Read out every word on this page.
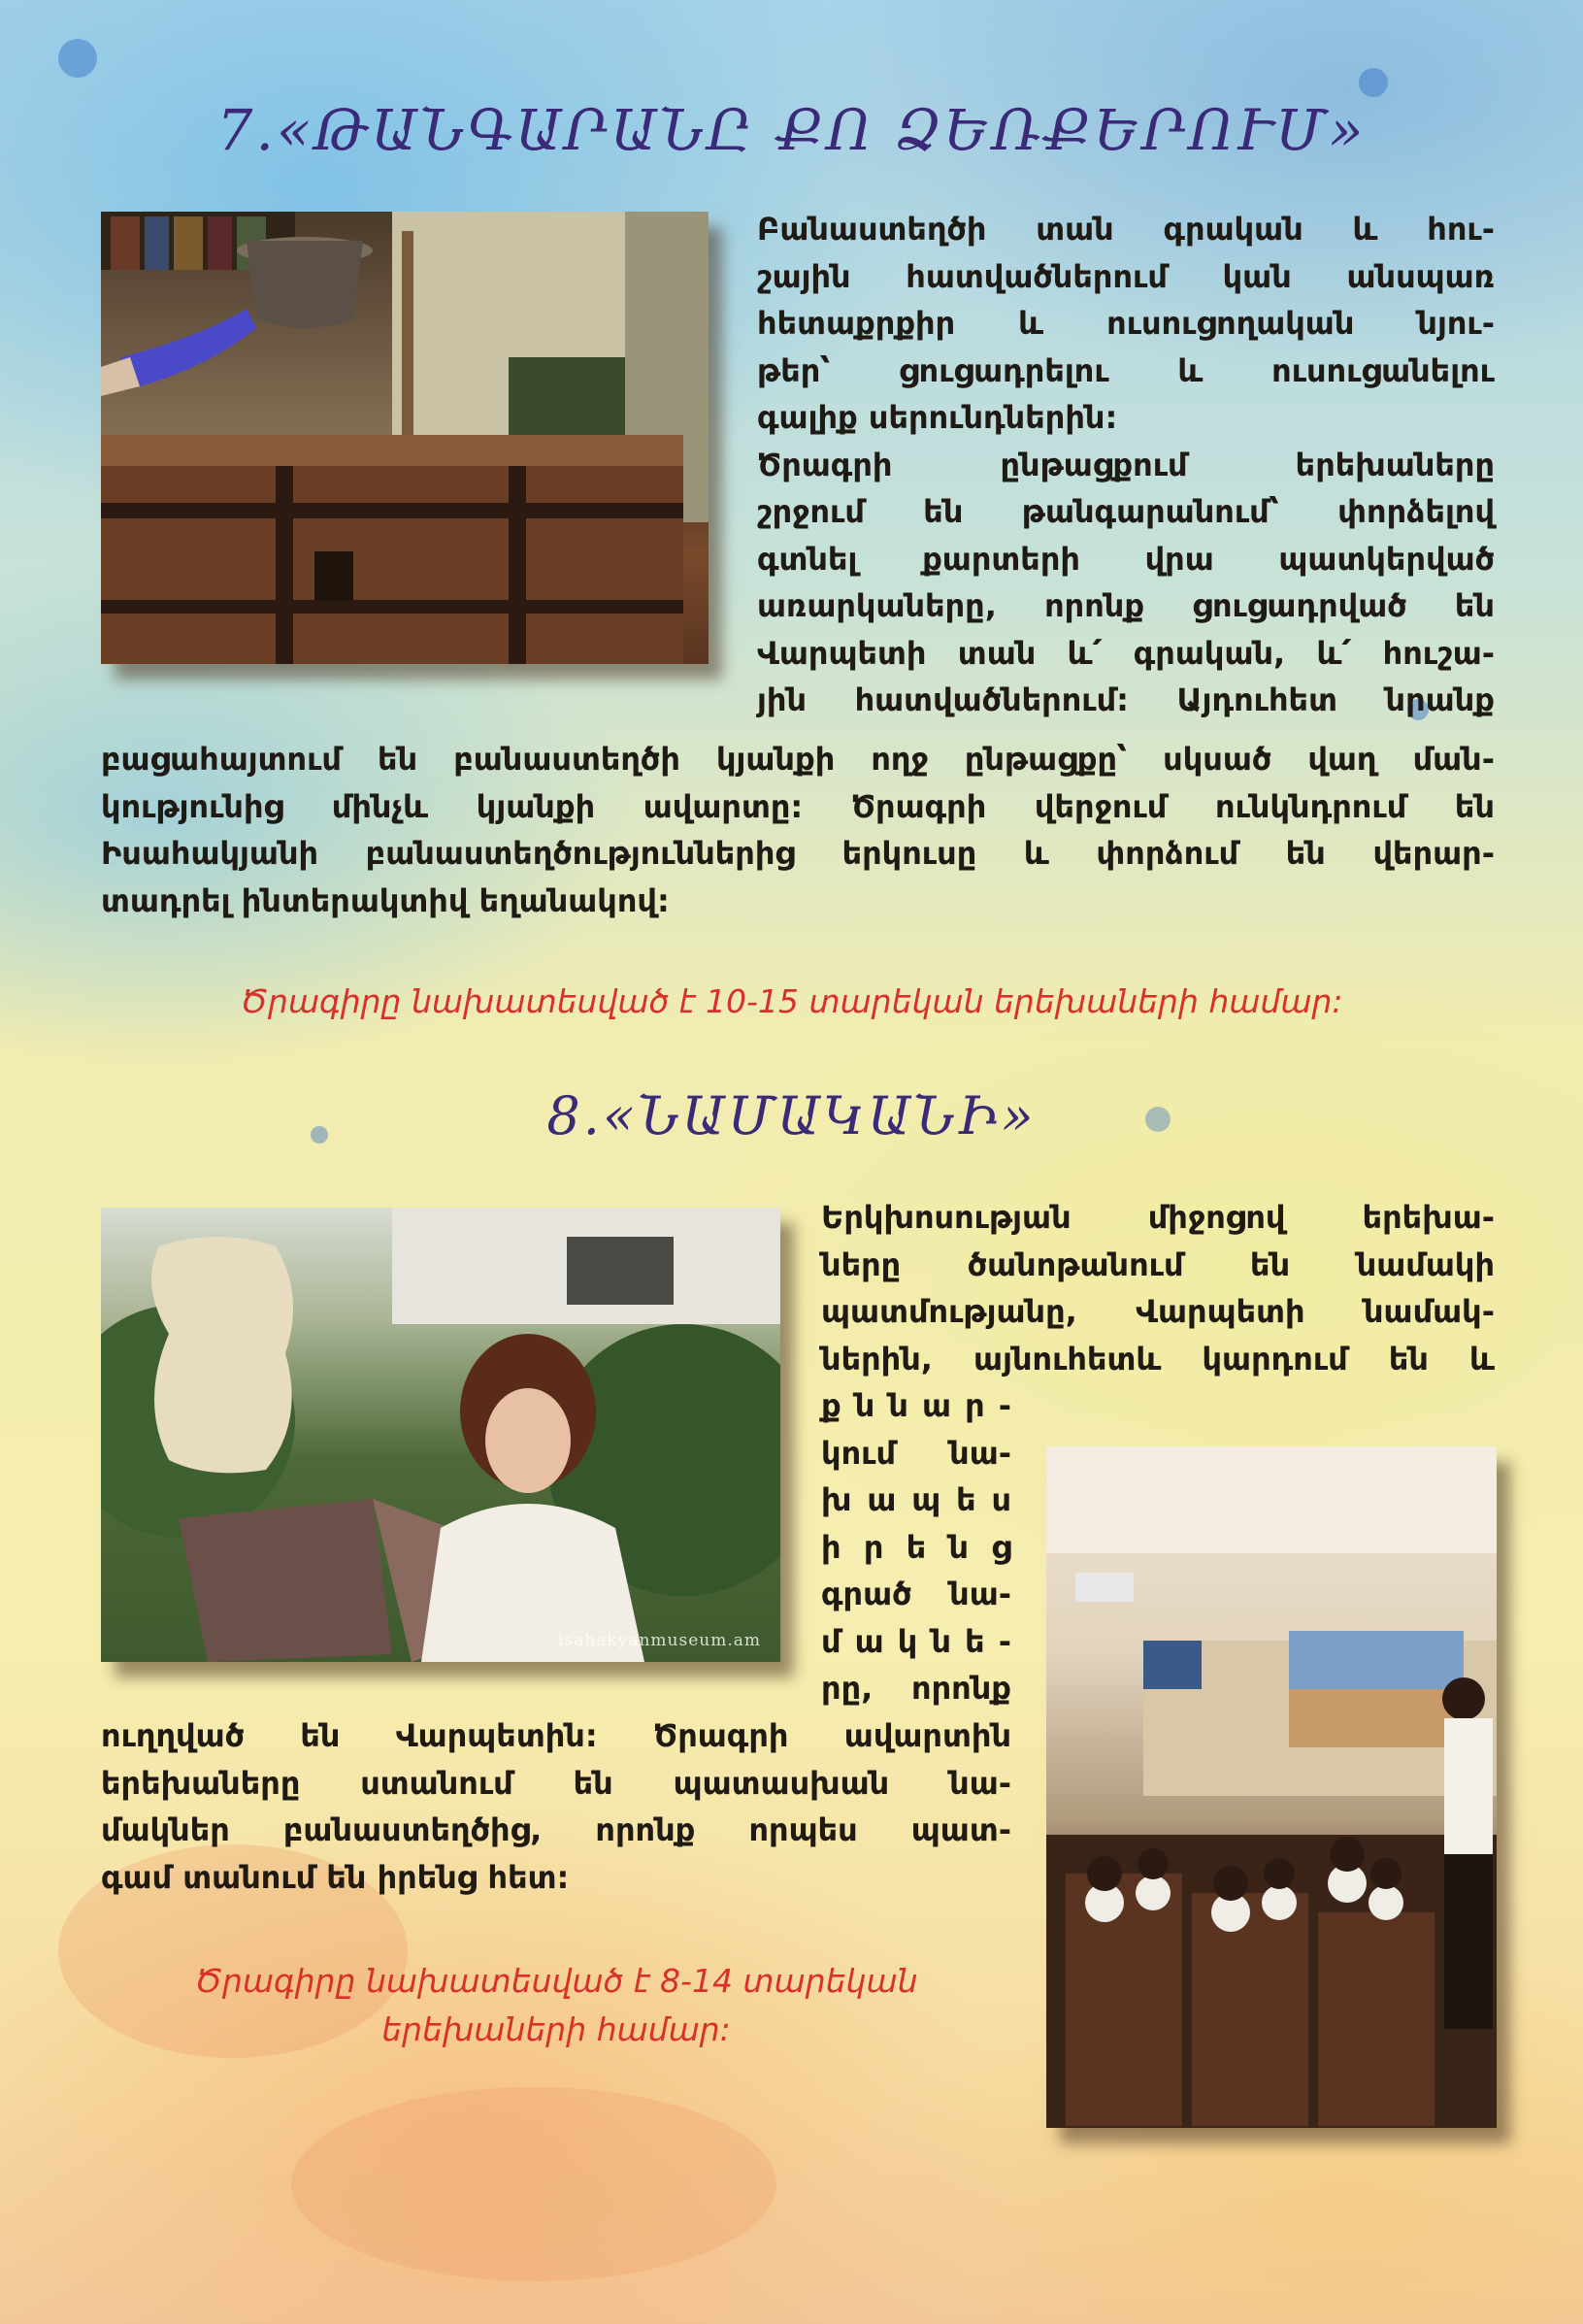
7.«ԹԱՆԳԱՐԱՆԸ ՔՈ ՁԵՌՔԵՐՈՒՄ»
Բանաստեղծի տան գրական և հու-
շային հատվածներում կան անսպառ
հետաքրքիր և ուսուցողական նյու-
թեր՝ ցուցադրելու և ուսուցանելու
գալիք սերունդներին:
Ծրագրի ընթացքում երեխաները
շրջում են թանգարանում՝ փորձելով
գտնել քարտերի վրա պատկերված
առարկաները, որոնք ցուցադրված են
Վարպետի տան և՛ գրական, և՛ հուշա-
յին հատվածներում: Այդուհետ նրանք
բացահայտում են բանաստեղծի կյանքի ողջ ընթացքը՝ սկսած վաղ ման-
կությունից մինչև կյանքի ավարտը: Ծրագրի վերջում ունկնդրում են
Իսահակյանի բանաստեղծություններից երկուսը և փորձում են վերար-
տադրել ինտերակտիվ եղանակով:
Ծրագիրը նախատեսված է 10-15 տարեկան երեխաների համար:
8.«ՆԱՄԱԿԱՆԻ»
isahakyanmuseum.am
Երկխոսության միջոցով երեխա-
ները ծանոթանում են նամակի
պատմությանը, Վարպետի նամակ-
ներին, այնուհետև կարդում են և
ք ն ն ա ր -
կում նա-
խ ա պ ե ս
ի ր ե ն ց
գրած նա-
մ ա կ ն ե -
րը, որոնք
ուղղված են Վարպետին: Ծրագրի ավարտին
երեխաները ստանում են պատասխան նա-
մակներ բանաստեղծից, որոնք որպես պատ-
գամ տանում են իրենց հետ:
Ծրագիրը նախատեսված է 8-14 տարեկան
երեխաների համար:
